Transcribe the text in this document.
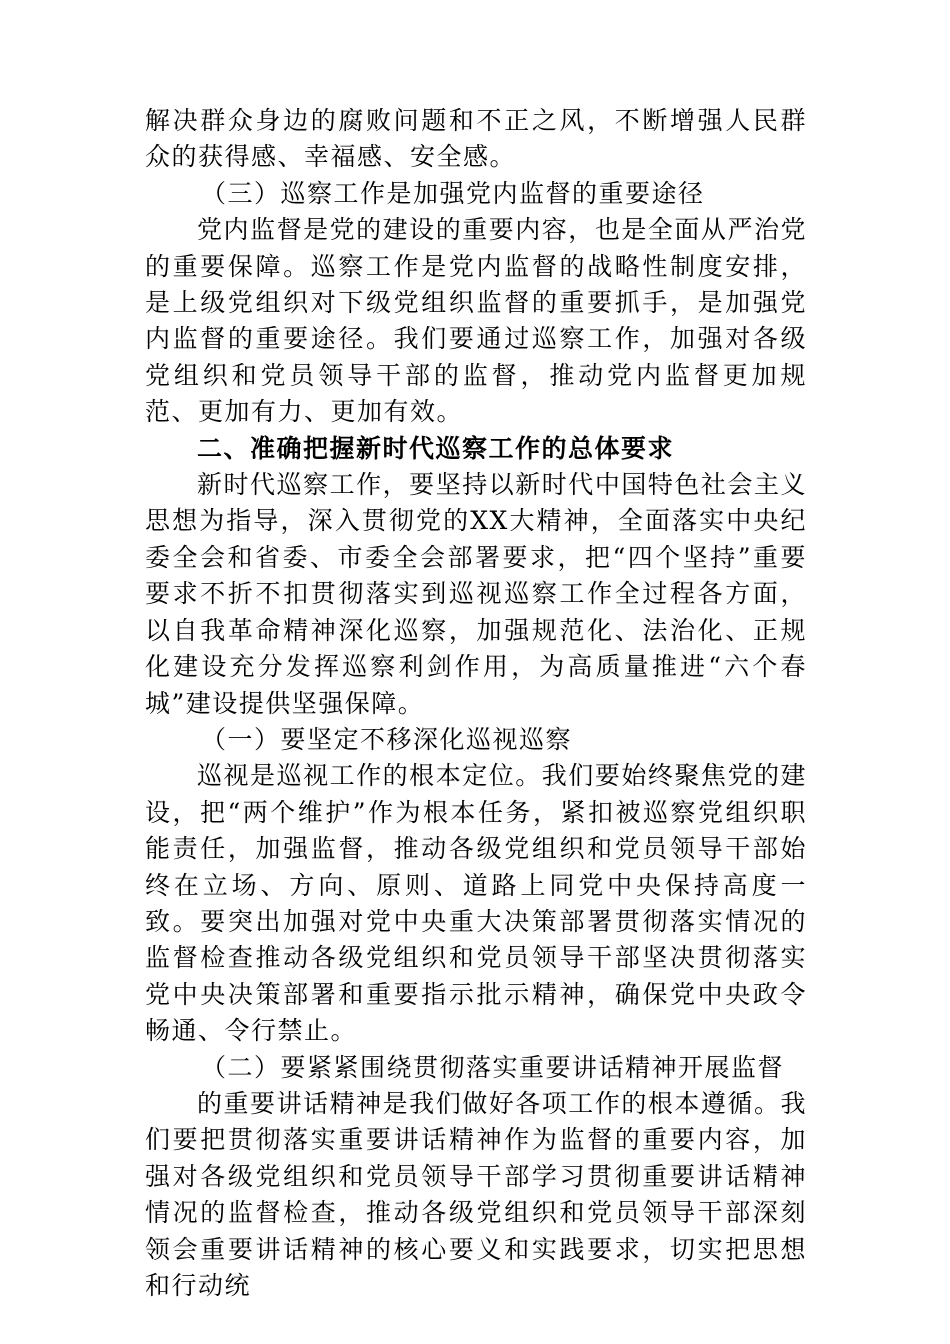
解决群众身边的腐败问题和不正之风，不断增强人民群众的获得感、幸福感、安全感。

（三）巡察工作是加强党内监督的重要途径

党内监督是党的建设的重要内容，也是全面从严治党的重要保障。巡察工作是党内监督的战略性制度安排，是上级党组织对下级党组织监督的重要抓手，是加强党内监督的重要途径。我们要通过巡察工作，加强对各级党组织和党员领导干部的监督，推动党内监督更加规范、更加有力、更加有效。

二、准确把握新时代巡察工作的总体要求

新时代巡察工作，要坚持以新时代中国特色社会主义思想为指导，深入贯彻党的XX大精神，全面落实中央纪委全会和省委、市委全会部署要求，把“四个坚持”重要要求不折不扣贯彻落实到巡视巡察工作全过程各方面，以自我革命精神深化巡察，加强规范化、法治化、正规化建设充分发挥巡察利剑作用，为高质量推进“六个春城”建设提供坚强保障。

（一）要坚定不移深化巡视巡察

巡视是巡视工作的根本定位。我们要始终聚焦党的建设，把“两个维护”作为根本任务，紧扣被巡察党组织职能责任，加强监督，推动各级党组织和党员领导干部始终在立场、方向、原则、道路上同党中央保持高度一致。要突出加强对党中央重大决策部署贯彻落实情况的监督检查推动各级党组织和党员领导干部坚决贯彻落实党中央决策部署和重要指示批示精神，确保党中央政令畅通、令行禁止。

（二）要紧紧围绕贯彻落实重要讲话精神开展监督

的重要讲话精神是我们做好各项工作的根本遵循。我们要把贯彻落实重要讲话精神作为监督的重要内容，加强对各级党组织和党员领导干部学习贯彻重要讲话精神情况的监督检查，推动各级党组织和党员领导干部深刻领会重要讲话精神的核心要义和实践要求，切实把思想和行动统
